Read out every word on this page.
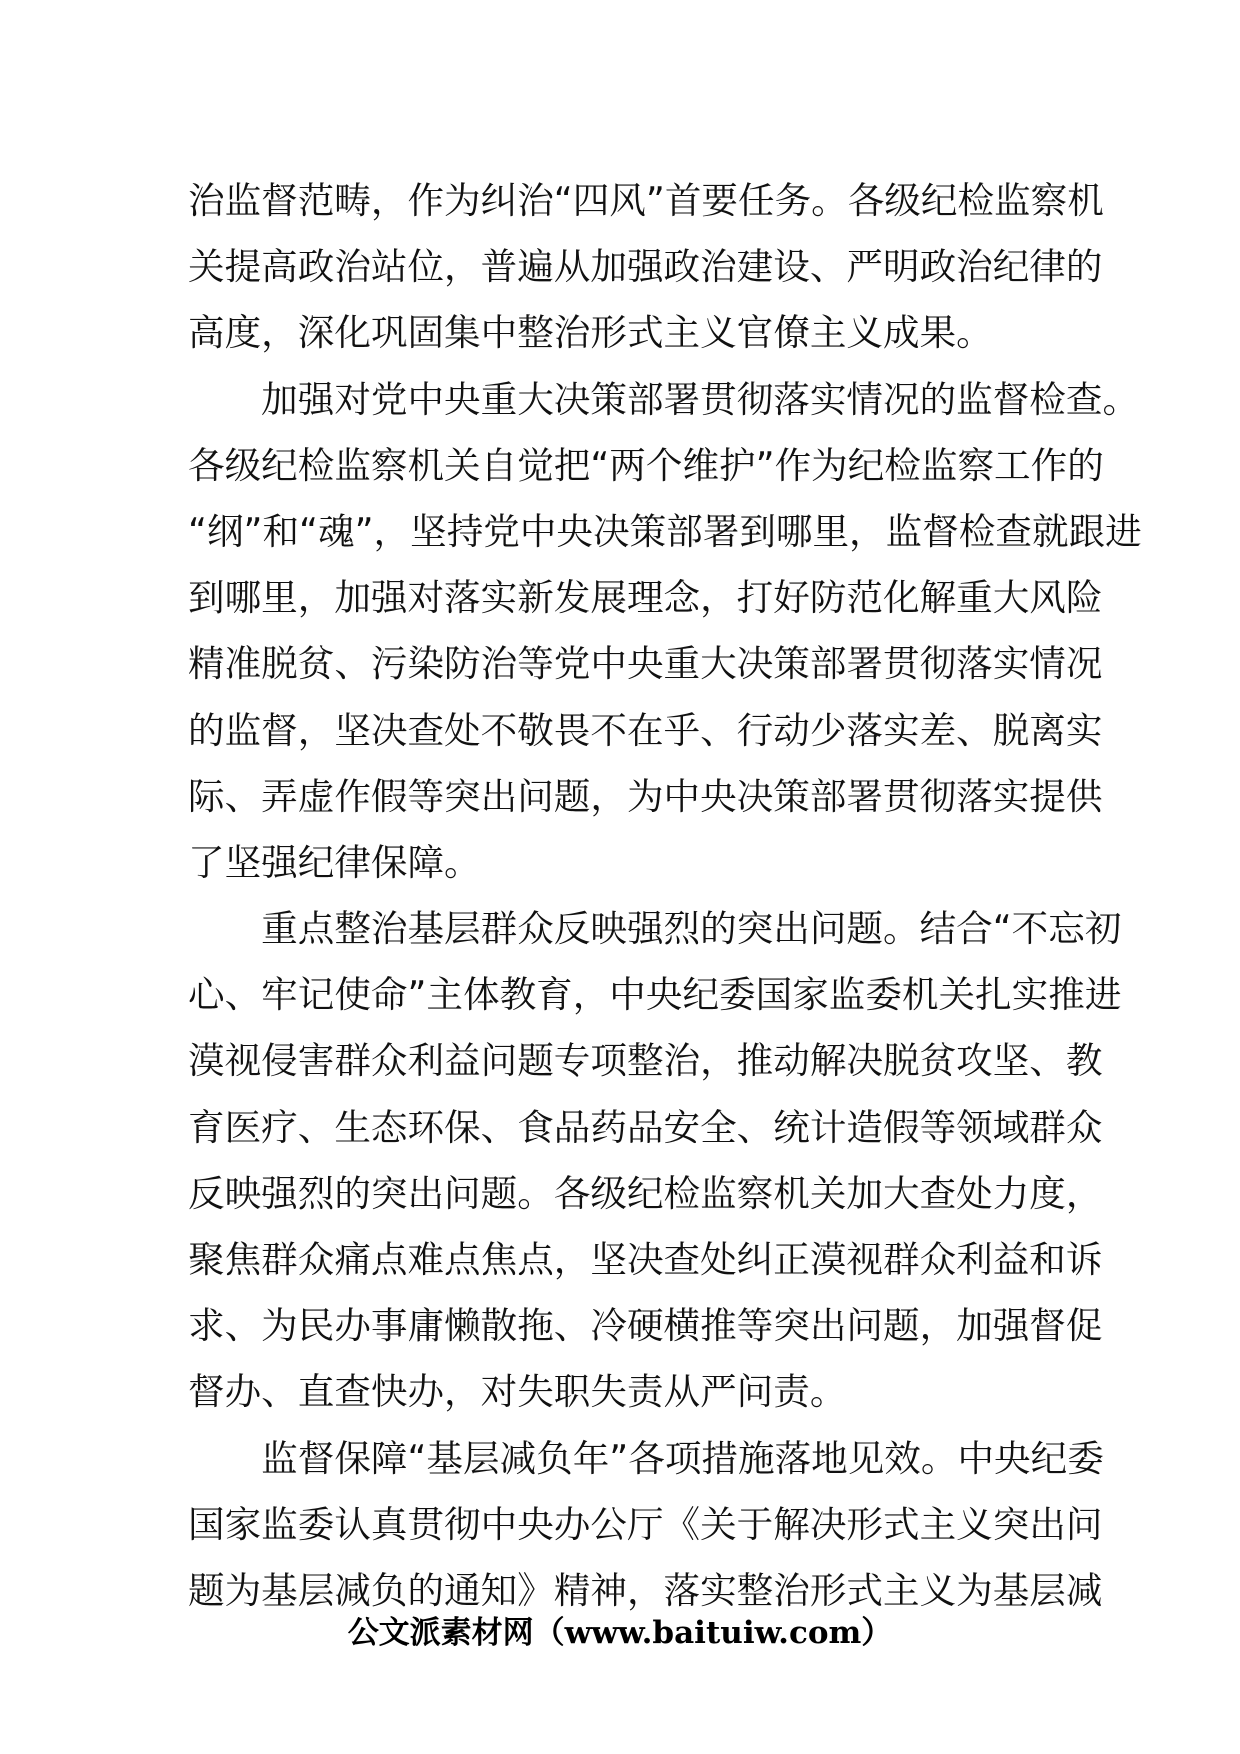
治监督范畴，作为纠治“四风”首要任务。各级纪检监察机
关提高政治站位，普遍从加强政治建设、严明政治纪律的
高度，深化巩固集中整治形式主义官僚主义成果。
　　加强对党中央重大决策部署贯彻落实情况的监督检查。
各级纪检监察机关自觉把“两个维护”作为纪检监察工作的
“纲”和“魂”，坚持党中央决策部署到哪里，监督检查就跟进
到哪里，加强对落实新发展理念，打好防范化解重大风险
精准脱贫、污染防治等党中央重大决策部署贯彻落实情况
的监督，坚决查处不敬畏不在乎、行动少落实差、脱离实
际、弄虚作假等突出问题，为中央决策部署贯彻落实提供
了坚强纪律保障。
　　重点整治基层群众反映强烈的突出问题。结合“不忘初
心、牢记使命”主体教育，中央纪委国家监委机关扎实推进
漠视侵害群众利益问题专项整治，推动解决脱贫攻坚、教
育医疗、生态环保、食品药品安全、统计造假等领域群众
反映强烈的突出问题。各级纪检监察机关加大查处力度，
聚焦群众痛点难点焦点，坚决查处纠正漠视群众利益和诉
求、为民办事庸懒散拖、冷硬横推等突出问题，加强督促
督办、直查快办，对失职失责从严问责。
　　监督保障“基层减负年”各项措施落地见效。中央纪委
国家监委认真贯彻中央办公厅《关于解决形式主义突出问
题为基层减负的通知》精神，落实整治形式主义为基层减

公文派素材网（www.baituiw.com）
